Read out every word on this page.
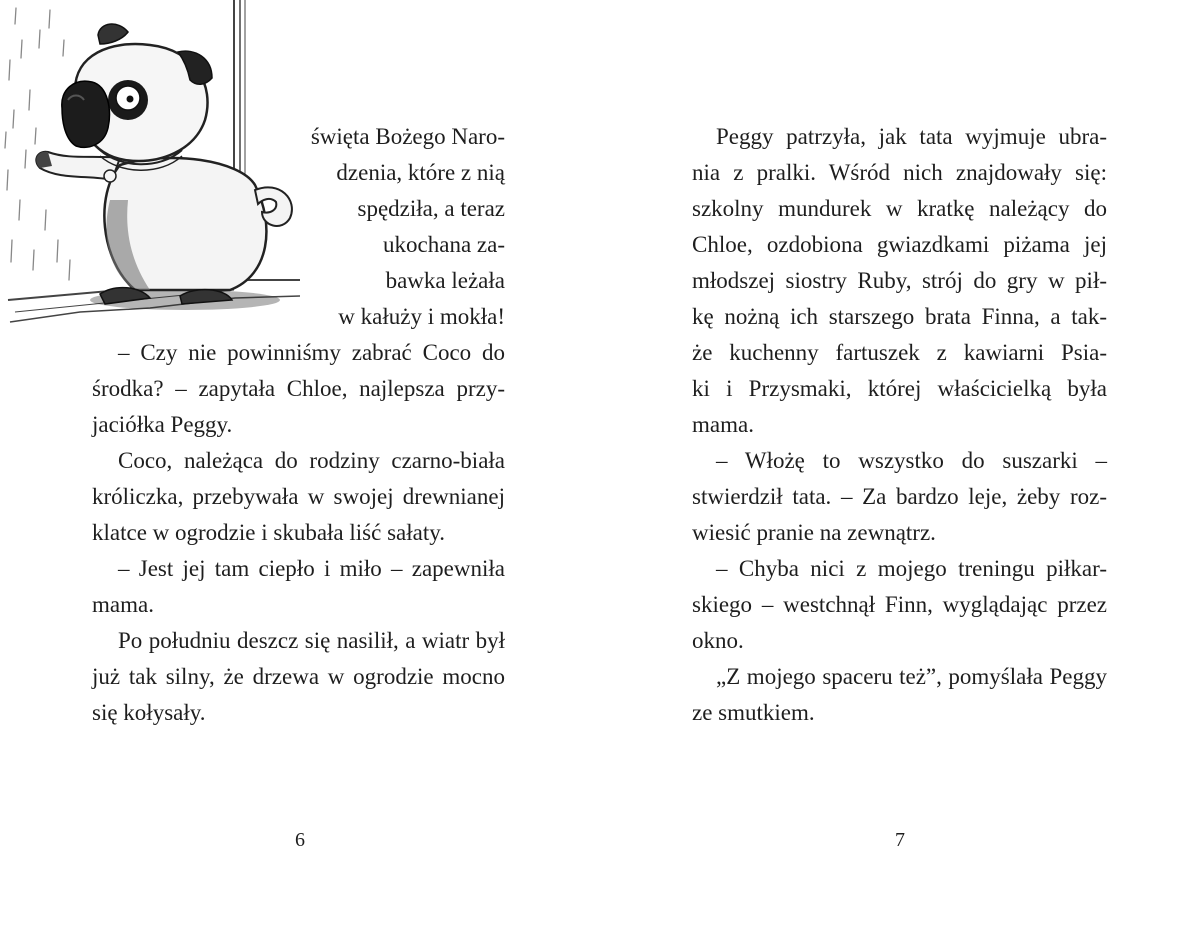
święta Bożego Naro-
dzenia, które z nią
spędziła, a teraz
ukochana za-
bawka leżała
w kałuży i mokła!
– Czy nie powinniśmy zabrać Coco do
środka? – zapytała Chloe, najlepsza przy-
jaciółka Peggy.
Coco, należąca do rodziny czarno-biała
króliczka, przebywała w swojej drewnianej
klatce w ogrodzie i skubała liść sałaty.
– Jest jej tam ciepło i miło – zapewniła
mama.
Po południu deszcz się nasilił, a wiatr był
już tak silny, że drzewa w ogrodzie mocno
się kołysały.
6
Peggy patrzyła, jak tata wyjmuje ubra-
nia z pralki. Wśród nich znajdowały się:
szkolny mundurek w kratkę należący do
Chloe, ozdobiona gwiazdkami piżama jej
młodszej siostry Ruby, strój do gry w pił-
kę nożną ich starszego brata Finna, a tak-
że kuchenny fartuszek z kawiarni Psia-
ki i Przysmaki, której właścicielką była
mama.
– Włożę to wszystko do suszarki –
stwierdził tata. – Za bardzo leje, żeby roz-
wiesić pranie na zewnątrz.
– Chyba nici z mojego treningu piłkar-
skiego – westchnął Finn, wyglądając przez
okno.
„Z mojego spaceru też”, pomyślała Peggy
ze smutkiem.
7
